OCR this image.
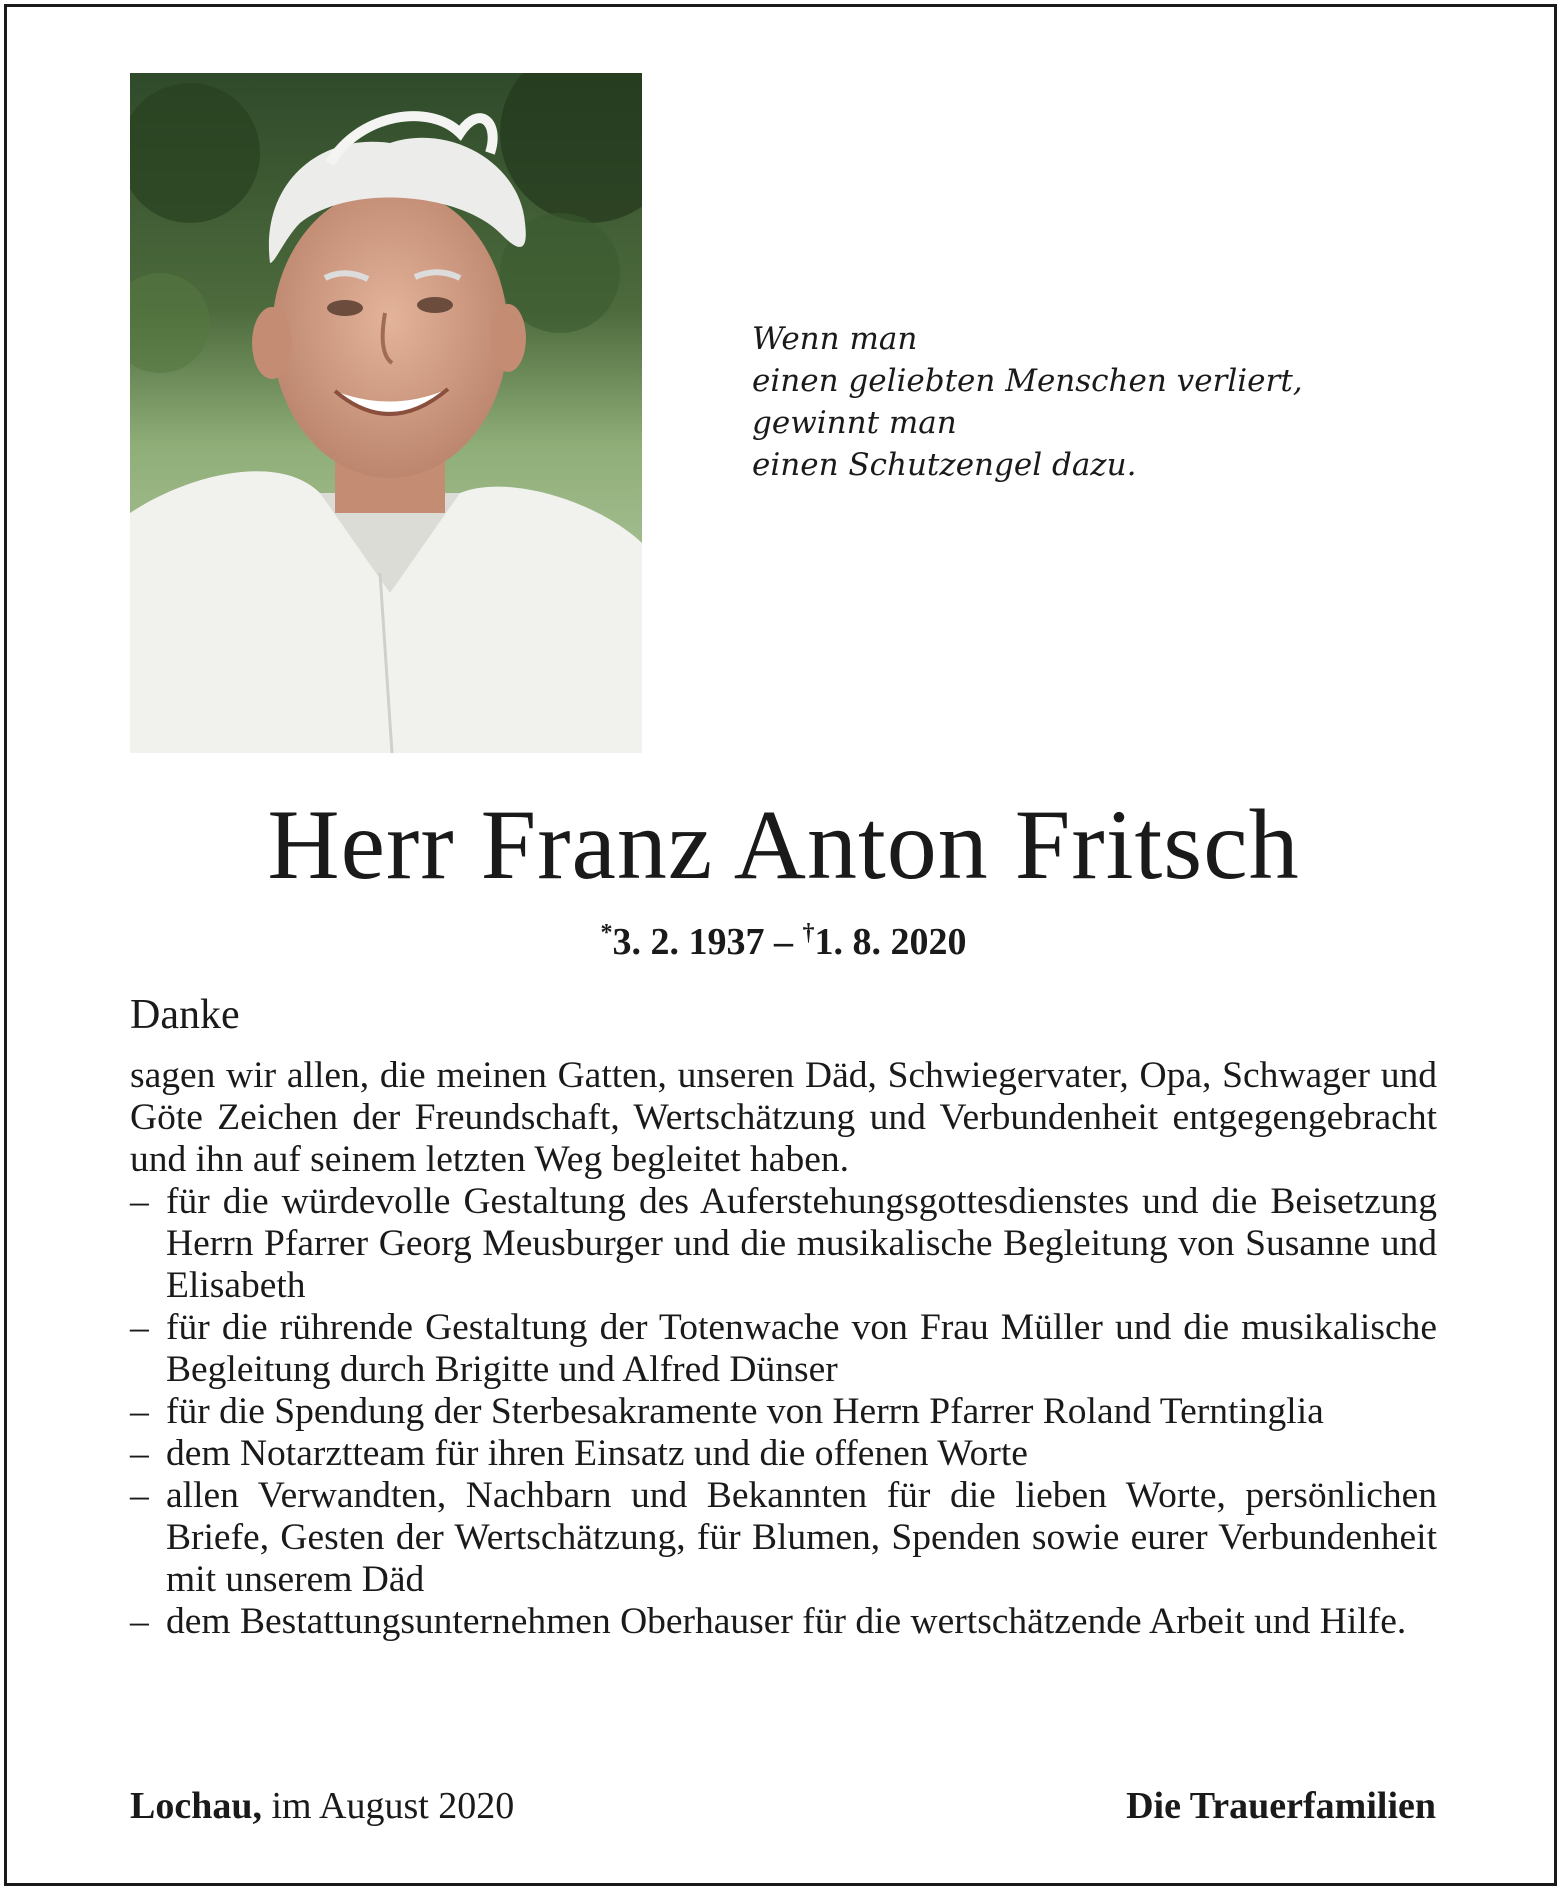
Wenn man
einen geliebten Menschen verliert,
gewinnt man
einen Schutzengel dazu.
Herr Franz Anton Fritsch
*3. 2. 1937 – †1. 8. 2020
Danke

sagen wir allen, die meinen Gatten, unseren Däd, Schwiegervater, Opa, Schwager und Göte Zeichen der Freundschaft, Wertschätzung und Verbundenheit entgegengebracht und ihn auf seinem letzten Weg begleitet haben.

– für die würdevolle Gestaltung des Auferstehungsgottesdienstes und die Beisetzung Herrn Pfarrer Georg Meusburger und die musikalische Begleitung von Susanne und Elisabeth
– für die rührende Gestaltung der Totenwache von Frau Müller und die musikalische Begleitung durch Brigitte und Alfred Dünser
– für die Spendung der Sterbesakramente von Herrn Pfarrer Roland Terntinglia
– dem Notarztteam für ihren Einsatz und die offenen Worte
– allen Verwandten, Nachbarn und Bekannten für die lieben Worte, persönlichen Briefe, Gesten der Wertschätzung, für Blumen, Spenden sowie eurer Verbundenheit mit unserem Däd
– dem Bestattungsunternehmen Oberhauser für die wertschätzende Arbeit und Hilfe.
Lochau, im August 2020	Die Trauerfamilien
